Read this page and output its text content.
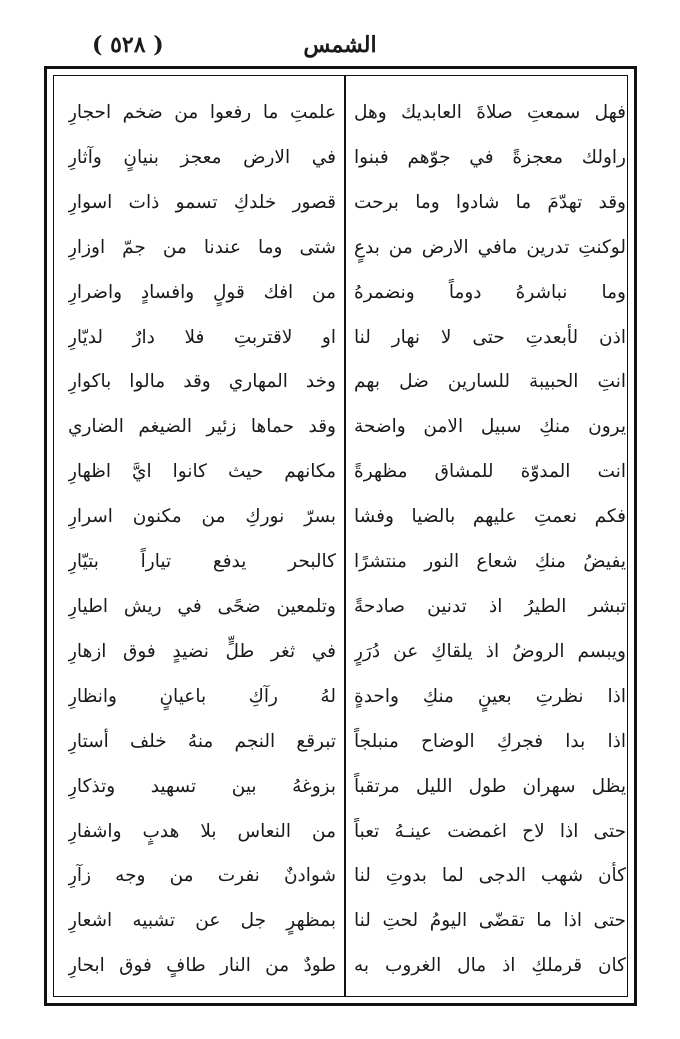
( ٥٢٨ )	الشمس
فهل سمعتِ صلاةَ العابديك وهل
راولك معجزةً في جوّهم فبنوا
وقد تهدّمَ ما شادوا وما برحت
لوكنتِ تدرين مافي الارض من بدعٍ
وما نباشرهُ دوماً ونضمرهُ
اذن لأبعدتِ حتى لا نهار لنا
انتِ الحبيبة للسارين ضل بهم
يرون منكِ سبيل الامن واضحة
انت المدوّة للمشاق مظهرةً
فكم نعمتِ عليهم بالضيا وفشا
يفيضُ منكِ شعاع النور منتشرًا
تبشر الطيرُ اذ تدنين صادحةً
ويبسم الروضُ اذ يلقاكِ عن دُرَرٍ
اذا نظرتِ بعينٍ منكِ واحدةٍ
اذا بدا فجركِ الوضاح منبلجاً
يظل سهران طول الليل مرتقباً
حتى اذا لاح اغمضت عينـهُ تعباً
كأن شهب الدجى لما بدوتِ لنا
حتى اذا ما تقضّى اليومُ لحتِ لنا
كان قرملكِ اذ مال الغروب به
علمتِ ما رفعوا من ضخم احجارِ
في الارض معجز بنيانٍ وآثارِ
قصور خلدكِ تسمو ذات اسوارِ
شتى وما عندنا من جمّ اوزارِ
من افك قولٍ وافسادٍ واضرارِ
او لاقتربتِ فلا دارٌ لديّارِ
وخد المهاري وقد مالوا باكوارِ
وقد حماها زئير الضيغم الضاري
مكانهم حيث كانوا ايَّ اظهارِ
بسرّ نوركِ من مكنون اسرارِ
كالبحر يدفع تياراً بتيّارِ
وتلمعين ضحًى في ريش اطيارِ
في ثغر طلٍّ نضيدٍ فوق ازهارِ
لهُ رآكِ باعيانٍ وانظارِ
تبرقع النجم منهُ خلف أستارِ
بزوغهُ بين تسهيد وتذكارِ
من النعاس بلا هدبٍ واشفارِ
شوادنٌ نفرت من وجه زآرِ
بمظهرٍ جل عن تشبيه اشعارِ
طودٌ من النار طافٍ فوق ابحارِ
